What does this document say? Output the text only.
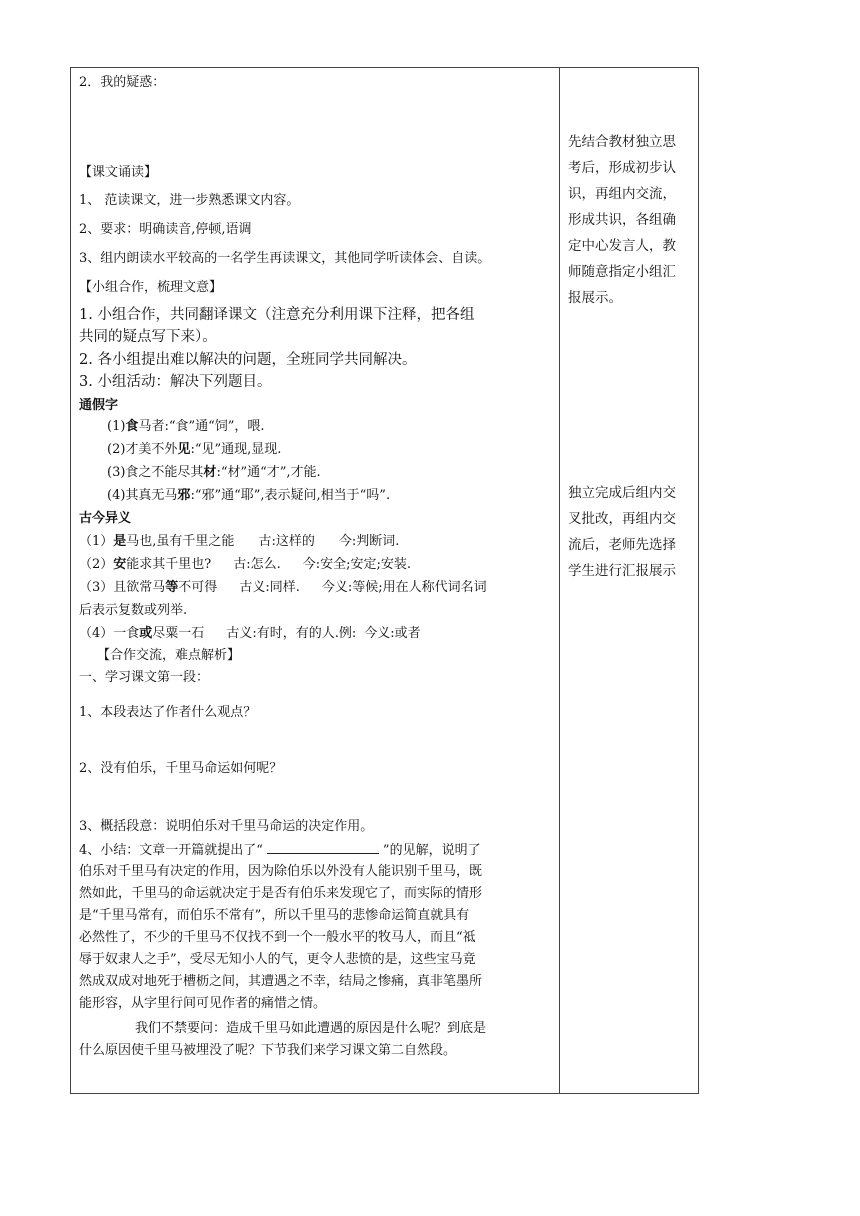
2．我的疑惑：
【课文诵读】
1、 范读课文，进一步熟悉课文内容。
2、要求：明确读音,停顿,语调
3、组内朗读水平较高的一名学生再读课文，其他同学听读体会、自读。
【小组合作，梳理文意】
1. 小组合作，共同翻译课文（注意充分利用课下注释，把各组
共同的疑点写下来）。
2. 各小组提出难以解决的问题，全班同学共同解决。
3. 小组活动：解决下列题目。
通假字
(1)食马者:“食”通“饲”，喂.
(2)才美不外见:“见”通现,显现.
(3)食之不能尽其材:“材”通“才”,才能.
(4)其真无马邪:“邪”通“耶”,表示疑问,相当于“吗”.
古今异义
（1）是马也,虽有千里之能 古:这样的 今:判断词.
（2）安能求其千里也? 古:怎么. 今:安全;安定;安装.
（3）且欲常马等不可得 古义:同样. 今义:等候;用在人称代词名词
后表示复数或列举.
（4）一食或尽粟一石 古义:有时，有的人.例: 今义:或者
【合作交流，难点解析】
一、学习课文第一段：
1、本段表达了作者什么观点？
2、没有伯乐，千里马命运如何呢？
3、概括段意：说明伯乐对千里马命运的决定作用。
4、小结：文章一开篇就提出了“	”的见解，说明了
伯乐对千里马有决定的作用，因为除伯乐以外没有人能识别千里马，既
然如此，千里马的命运就决定于是否有伯乐来发现它了，而实际的情形
是“千里马常有，而伯乐不常有”，所以千里马的悲惨命运简直就具有
必然性了，不少的千里马不仅找不到一个一般水平的牧马人，而且“祗
辱于奴隶人之手”，受尽无知小人的气，更令人悲愤的是，这些宝马竟
然成双成对地死于槽枥之间，其遭遇之不幸，结局之惨痛，真非笔墨所
能形容，从字里行间可见作者的痛惜之情。
我们不禁要问：造成千里马如此遭遇的原因是什么呢？到底是
什么原因使千里马被埋没了呢？下节我们来学习课文第二自然段。
先结合教材独立思
考后，形成初步认
识，再组内交流，
形成共识，各组确
定中心发言人，教
师随意指定小组汇
报展示。
独立完成后组内交
叉批改，再组内交
流后，老师先选择
学生进行汇报展示
